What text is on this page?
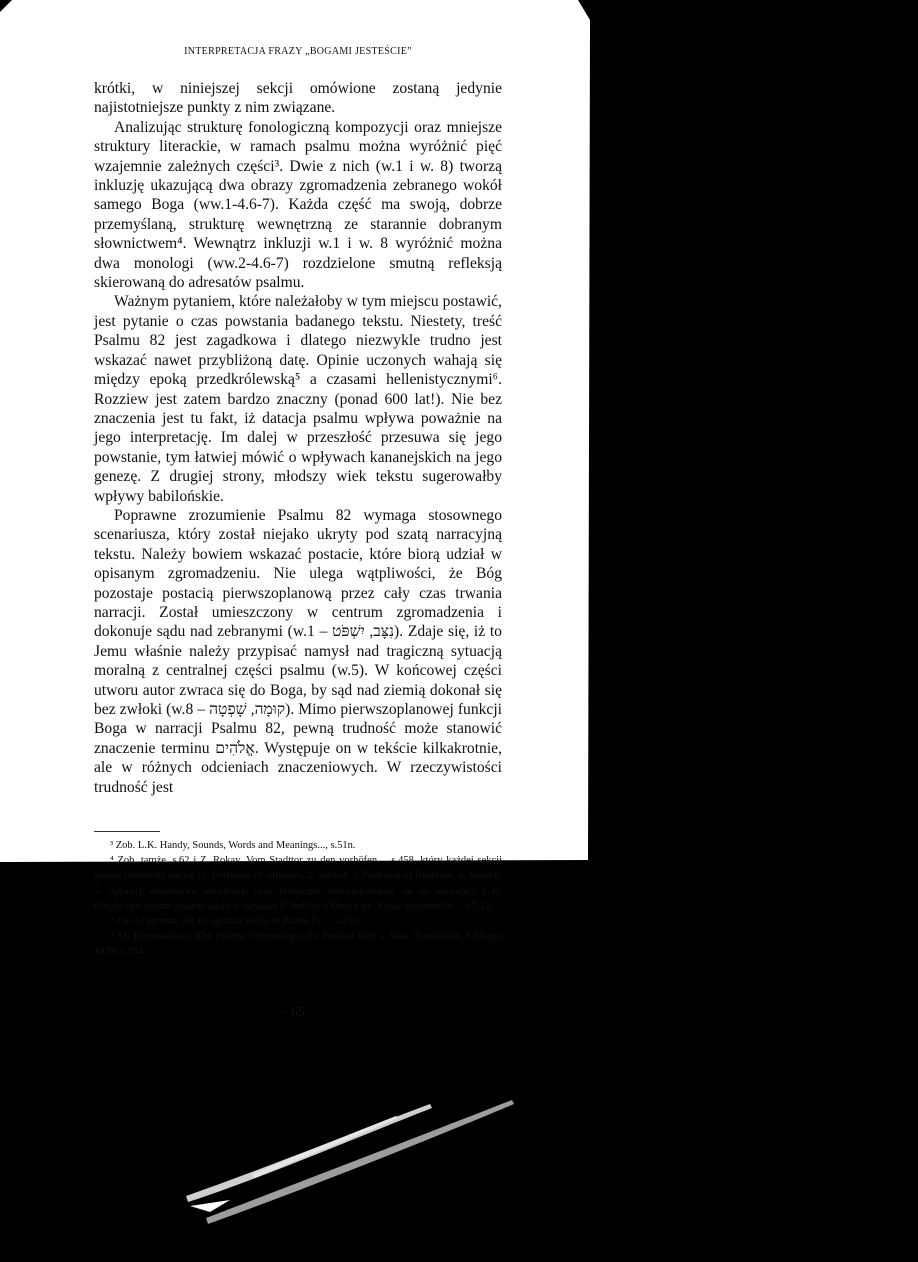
INTERPRETACJA FRAZY „BOGAMI JESTEŚCIE”

krótki, w niniejszej sekcji omówione zostaną jedynie najistotniejsze punkty z nim związane.

Analizując strukturę fonologiczną kompozycji oraz mniejsze struktury literackie, w ramach psalmu można wyróżnić pięć wzajemnie zależnych części³. Dwie z nich (w.1 i w. 8) tworzą inkluzję ukazującą dwa obrazy zgromadzenia zebranego wokół samego Boga (ww.1-4.6-7). Każda część ma swoją, dobrze przemyślaną, strukturę wewnętrzną ze starannie dobranym słownictwem⁴. Wewnątrz inkluzji w.1 i w. 8 wyróżnić można dwa monologi (ww.2-4.6-7) rozdzielone smutną refleksją skierowaną do adresatów psalmu.

Ważnym pytaniem, które należałoby w tym miejscu postawić, jest pytanie o czas powstania badanego tekstu. Niestety, treść Psalmu 82 jest zagadkowa i dlatego niezwykle trudno jest wskazać nawet przybliżoną datę. Opinie uczonych wahają się między epoką przedkrólewską⁵ a czasami hellenistycznymi⁶. Rozziew jest zatem bardzo znaczny (ponad 600 lat!). Nie bez znaczenia jest tu fakt, iż datacja psalmu wpływa poważnie na jego interpretację. Im dalej w przeszłość przesuwa się jego powstanie, tym łatwiej mówić o wpływach kananejskich na jego genezę. Z drugiej strony, młodszy wiek tekstu sugerowałby wpływy babilońskie.

Poprawne zrozumienie Psalmu 82 wymaga stosownego scenariusza, który został niejako ukryty pod szatą narracyjną tekstu. Należy bowiem wskazać postacie, które biorą udział w opisanym zgromadzeniu. Nie ulega wątpliwości, że Bóg pozostaje postacią pierwszoplanową przez cały czas trwania narracji. Został umieszczony w centrum zgromadzenia i dokonuje sądu nad zebranymi (w.1 – נִצָּב, יִשְׁפֹּט). Zdaje się, iż to Jemu właśnie należy przypisać namysł nad tragiczną sytuacją moralną z centralnej części psalmu (w.5). W końcowej części utworu autor zwraca się do Boga, by sąd nad ziemią dokonał się bez zwłoki (w.8 – קוּמָה, שָׁפְטָה). Mimo pierwszoplanowej funkcji Boga w narracji Psalmu 82, pewną trudność może stanowić znaczenie terminu אֱלֹהִים. Występuje on w tekście kilkakrotnie, ale w różnych odcieniach znaczeniowych. W rzeczywistości trudność jest

³ Zob. L.K. Handy, Sounds, Words and Meanings..., s.51n.

⁴ Zob. tamże, s.62 i Z. Rokay, Vom Stadttor zu den vorhöfen..., s.458, który każdej sekcji nadaje określoną nazwę (1. Portrayal of situation, 2. Speech 3. Portrayal of Reaction, 4. Speech, 5. Appeal); dodatkowe informacje oraz krytyczne ustosunkowanie się do koncepcji L.K. Handy’ego można znaleźć także w artykule P. Auffret’a Dieu juge. Etude structurelle..., s.7-12.

⁵ J.S. Ackerman, An Exegetical Study of Psalm 82..., s.491.

⁶ M. Buttenwieser, The Psalms Chronologically Treated with a New Translation, Chicago 1939, s.764.

– 65 –
